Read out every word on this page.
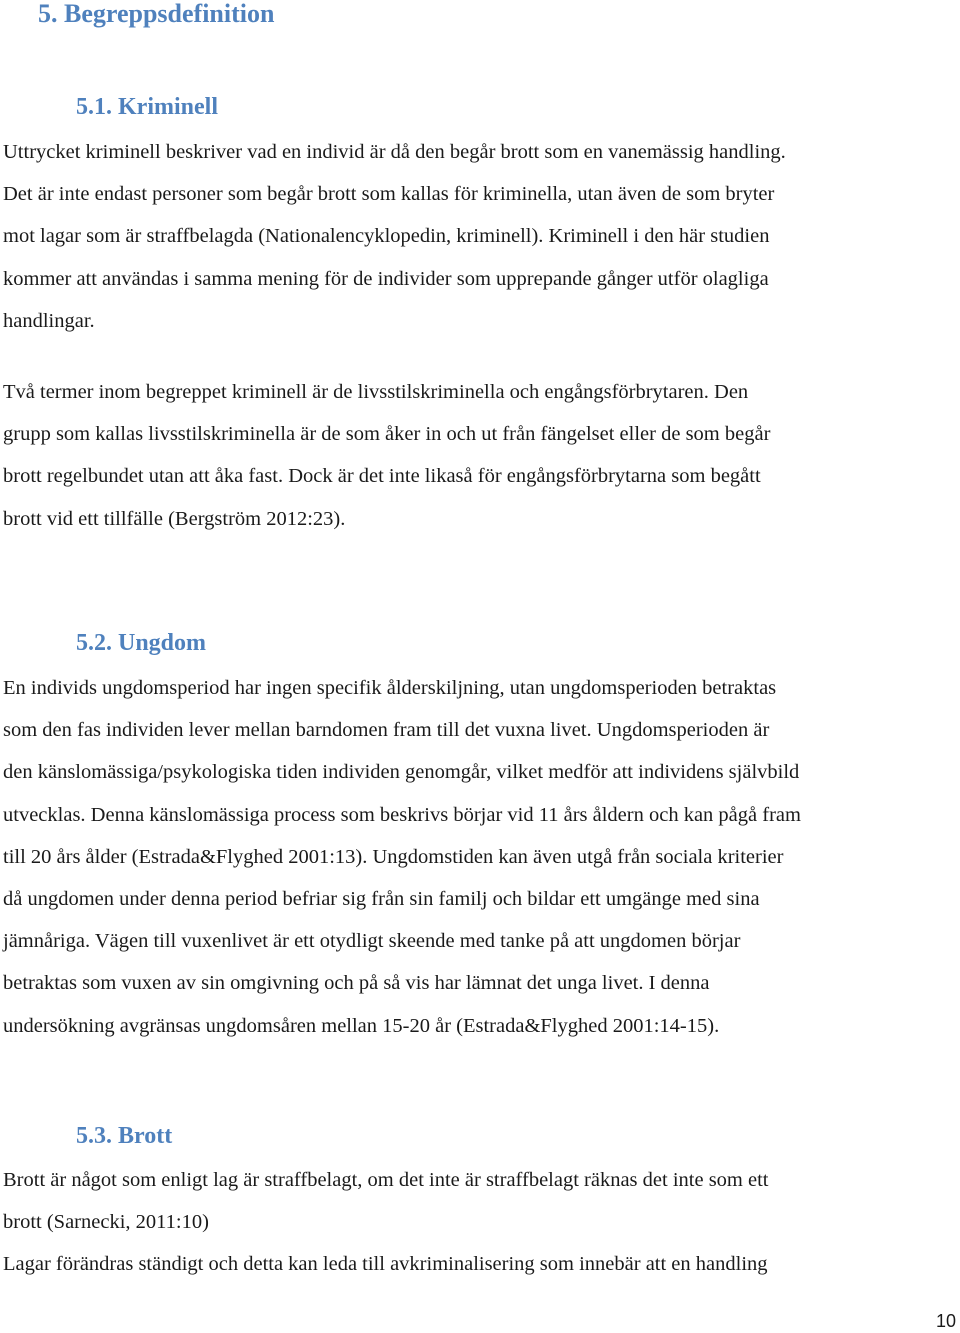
5. Begreppsdefinition
5.1. Kriminell

Uttrycket kriminell beskriver vad en individ är då den begår brott som en vanemässig handling.
Det är inte endast personer som begår brott som kallas för kriminella, utan även de som bryter
mot lagar som är straffbelagda (Nationalencyklopedin, kriminell). Kriminell i den här studien
kommer att användas i samma mening för de individer som upprepande gånger utför olagliga
handlingar.

Två termer inom begreppet kriminell är de livsstilskriminella och engångsförbrytaren. Den
grupp som kallas livsstilskriminella är de som åker in och ut från fängelset eller de som begår
brott regelbundet utan att åka fast. Dock är det inte likaså för engångsförbrytarna som begått
brott vid ett tillfälle (Bergström 2012:23).

5.2. Ungdom

En individs ungdomsperiod har ingen specifik ålderskiljning, utan ungdomsperioden betraktas
som den fas individen lever mellan barndomen fram till det vuxna livet. Ungdomsperioden är
den känslomässiga/psykologiska tiden individen genomgår, vilket medför att individens självbild
utvecklas. Denna känslomässiga process som beskrivs börjar vid 11 års åldern och kan pågå fram
till 20 års ålder (Estrada&Flyghed 2001:13). Ungdomstiden kan även utgå från sociala kriterier
då ungdomen under denna period befriar sig från sin familj och bildar ett umgänge med sina
jämnåriga. Vägen till vuxenlivet är ett otydligt skeende med tanke på att ungdomen börjar
betraktas som vuxen av sin omgivning och på så vis har lämnat det unga livet. I denna
undersökning avgränsas ungdomsåren mellan 15-20 år (Estrada&Flyghed 2001:14-15).

5.3. Brott

Brott är något som enligt lag är straffbelagt, om det inte är straffbelagt räknas det inte som ett
brott (Sarnecki, 2011:10)
Lagar förändras ständigt och detta kan leda till avkriminalisering som innebär att en handling

10
